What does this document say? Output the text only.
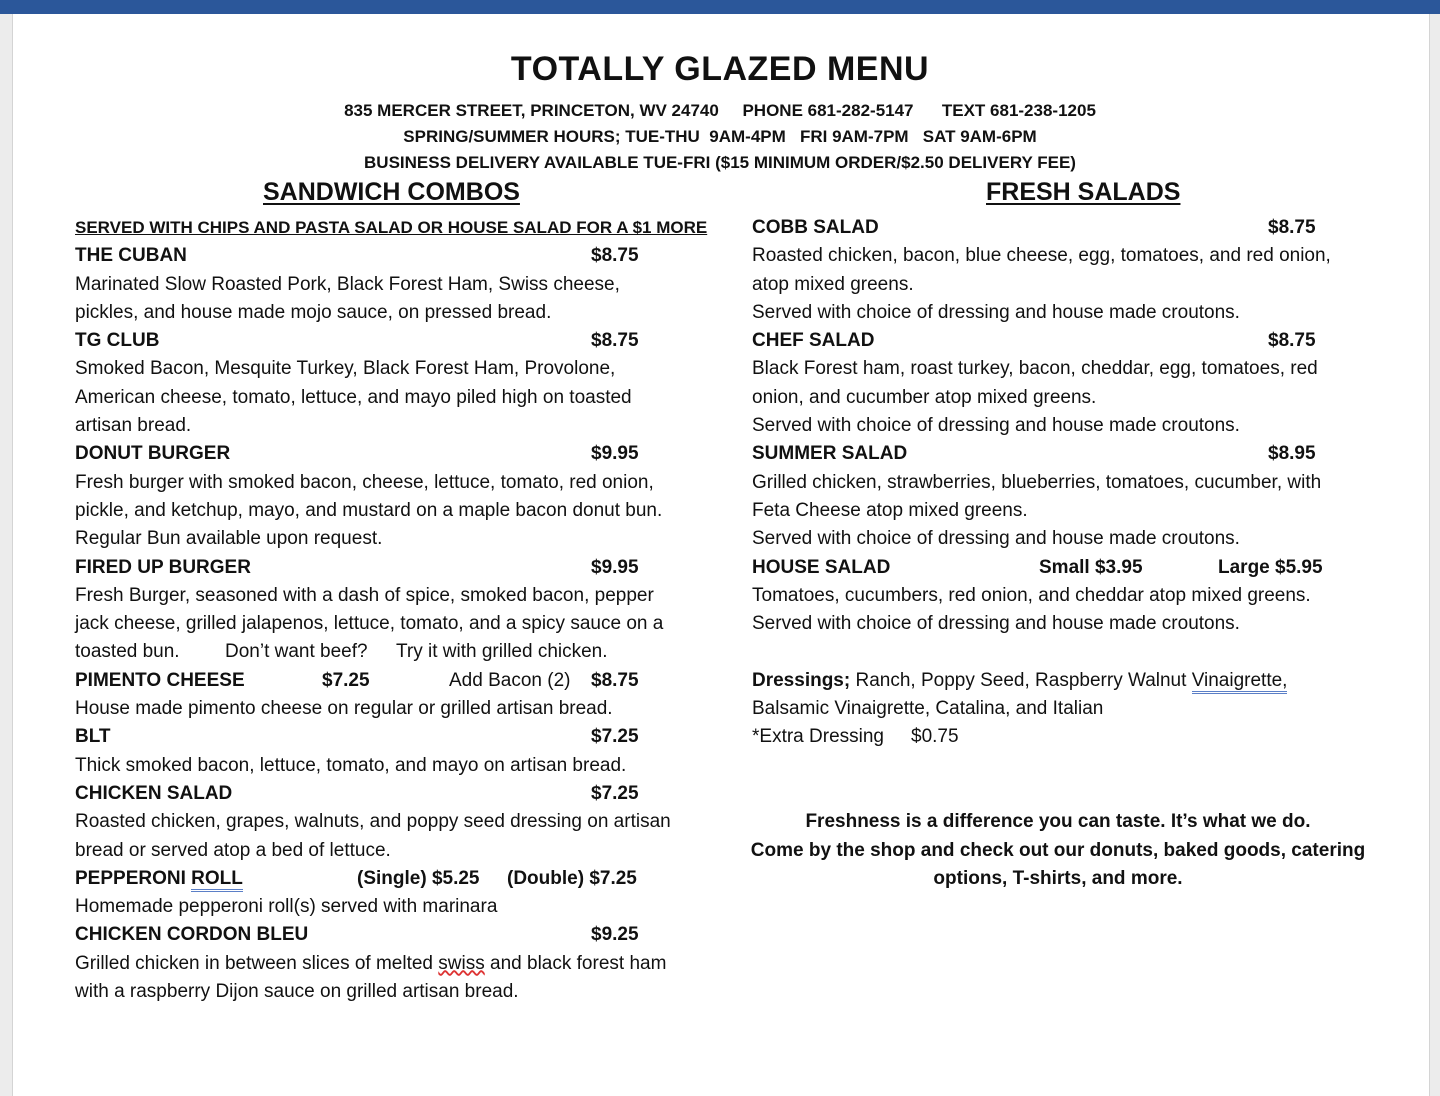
TOTALLY GLAZED MENU
835 MERCER STREET, PRINCETON, WV 24740 PHONE 681-282-5147 TEXT 681-238-1205
SPRING/SUMMER HOURS; TUE-THU  9AM-4PM   FRI 9AM-7PM   SAT 9AM-6PM
BUSINESS DELIVERY AVAILABLE TUE-FRI ($15 MINIMUM ORDER/$2.50 DELIVERY FEE)
SANDWICH COMBOS	FRESH SALADS
SERVED WITH CHIPS AND PASTA SALAD OR HOUSE SALAD FOR A $1 MORE
THE CUBAN	$8.75
Marinated Slow Roasted Pork, Black Forest Ham, Swiss cheese,
pickles, and house made mojo sauce, on pressed bread.
TG CLUB	$8.75
Smoked Bacon, Mesquite Turkey, Black Forest Ham, Provolone,
American cheese, tomato, lettuce, and mayo piled high on toasted
artisan bread.
DONUT BURGER	$9.95
Fresh burger with smoked bacon, cheese, lettuce, tomato, red onion,
pickle, and ketchup, mayo, and mustard on a maple bacon donut bun.
Regular Bun available upon request.
FIRED UP BURGER	$9.95
Fresh Burger, seasoned with a dash of spice, smoked bacon, pepper
jack cheese, grilled jalapenos, lettuce, tomato, and a spicy sauce on a
toasted bun. Don’t want beef? Try it with grilled chicken.
PIMENTO CHEESE	$7.25	Add Bacon (2) $8.75
House made pimento cheese on regular or grilled artisan bread.
BLT	$7.25
Thick smoked bacon, lettuce, tomato, and mayo on artisan bread.
CHICKEN SALAD	$7.25
Roasted chicken, grapes, walnuts, and poppy seed dressing on artisan
bread or served atop a bed of lettuce.
PEPPERONI ROLL	(Single) $5.25 (Double) $7.25
Homemade pepperoni roll(s) served with marinara
CHICKEN CORDON BLEU	$9.25
Grilled chicken in between slices of melted swiss and black forest ham
with a raspberry Dijon sauce on grilled artisan bread.
COBB SALAD	$8.75
Roasted chicken, bacon, blue cheese, egg, tomatoes, and red onion,
atop mixed greens.
Served with choice of dressing and house made croutons.
CHEF SALAD	$8.75
Black Forest ham, roast turkey, bacon, cheddar, egg, tomatoes, red
onion, and cucumber atop mixed greens.
Served with choice of dressing and house made croutons.
SUMMER SALAD	$8.95
Grilled chicken, strawberries, blueberries, tomatoes, cucumber, with
Feta Cheese atop mixed greens.
Served with choice of dressing and house made croutons.
HOUSE SALAD	Small $3.95	Large $5.95
Tomatoes, cucumbers, red onion, and cheddar atop mixed greens.
Served with choice of dressing and house made croutons.
Dressings; Ranch, Poppy Seed, Raspberry Walnut Vinaigrette,
Balsamic Vinaigrette, Catalina, and Italian
*Extra Dressing $0.75
Freshness is a difference you can taste. It’s what we do.
Come by the shop and check out our donuts, baked goods, catering
options, T-shirts, and more.
